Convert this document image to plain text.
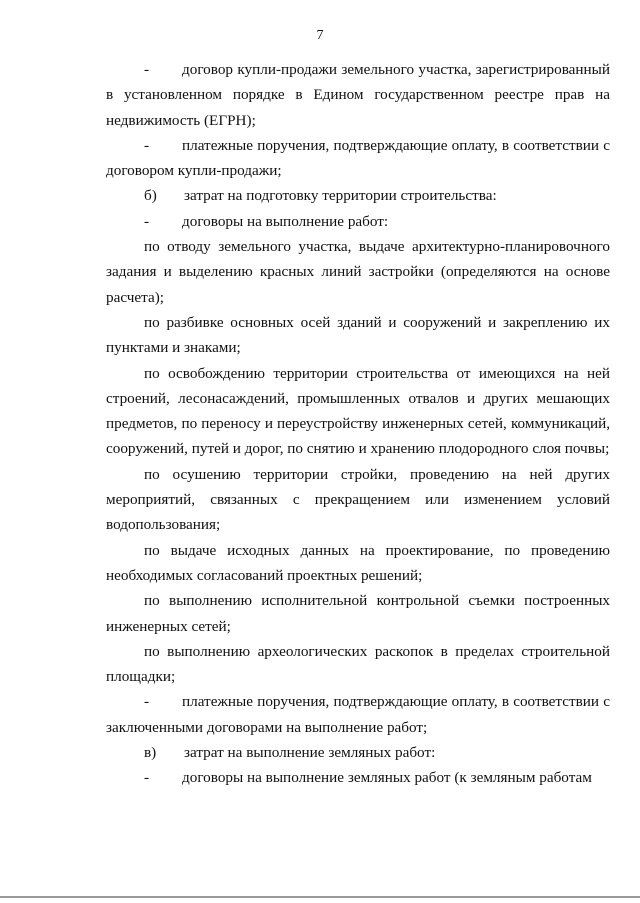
7

- договор купли-продажи земельного участка, зарегистрированный в установленном порядке в Едином государственном реестре прав на недвижимость (ЕГРН);

- платежные поручения, подтверждающие оплату, в соответствии с договором купли-продажи;

б) затрат на подготовку территории строительства:

- договоры на выполнение работ:

по отводу земельного участка, выдаче архитектурно-планировочного задания и выделению красных линий застройки (определяются на основе расчета);

по разбивке основных осей зданий и сооружений и закреплению их пунктами и знаками;

по освобождению территории строительства от имеющихся на ней строений, лесонасаждений, промышленных отвалов и других мешающих предметов, по переносу и переустройству инженерных сетей, коммуникаций, сооружений, путей и дорог, по снятию и хранению плодородного слоя почвы;

по осушению территории стройки, проведению на ней других мероприятий, связанных с прекращением или изменением условий водопользования;

по выдаче исходных данных на проектирование, по проведению необходимых согласований проектных решений;

по выполнению исполнительной контрольной съемки построенных инженерных сетей;

по выполнению археологических раскопок в пределах строительной площадки;

- платежные поручения, подтверждающие оплату, в соответствии с заключенными договорами на выполнение работ;

в) затрат на выполнение земляных работ:

- договоры на выполнение земляных работ (к земляным работам
